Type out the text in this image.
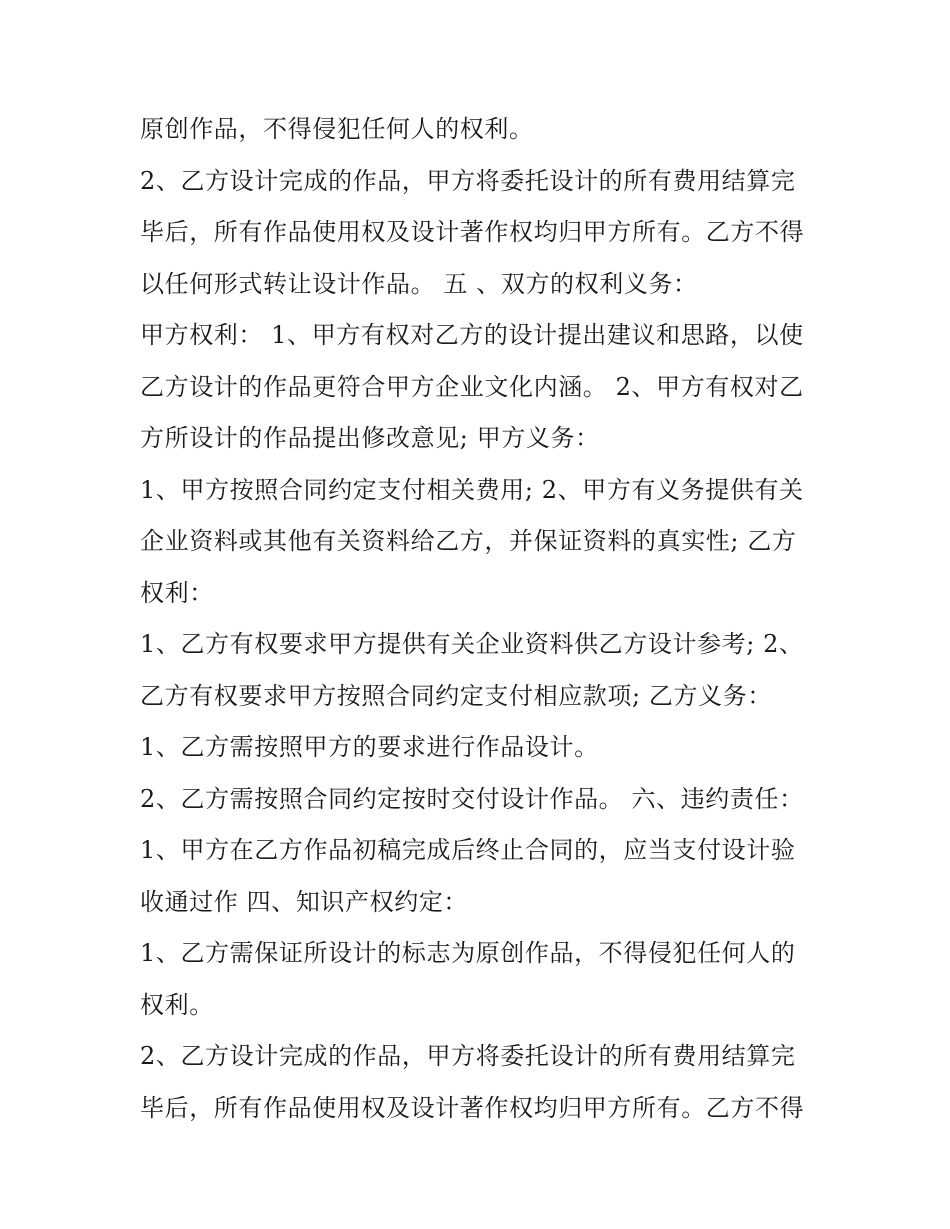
原创作品，不得侵犯任何人的权利。
2、乙方设计完成的作品，甲方将委托设计的所有费用结算完
毕后，所有作品使用权及设计著作权均归甲方所有。乙方不得
以任何形式转让设计作品。 五 、双方的权利义务：
甲方权利： 1、甲方有权对乙方的设计提出建议和思路，以使
乙方设计的作品更符合甲方企业文化内涵。 2、甲方有权对乙
方所设计的作品提出修改意见; 甲方义务：
1、甲方按照合同约定支付相关费用; 2、甲方有义务提供有关
企业资料或其他有关资料给乙方，并保证资料的真实性; 乙方
权利：
1、乙方有权要求甲方提供有关企业资料供乙方设计参考; 2、
乙方有权要求甲方按照合同约定支付相应款项; 乙方义务：
1、乙方需按照甲方的要求进行作品设计。
2、乙方需按照合同约定按时交付设计作品。 六、违约责任：
1、甲方在乙方作品初稿完成后终止合同的，应当支付设计验
收通过作 四、知识产权约定：
1、乙方需保证所设计的标志为原创作品，不得侵犯任何人的
权利。
2、乙方设计完成的作品，甲方将委托设计的所有费用结算完
毕后，所有作品使用权及设计著作权均归甲方所有。乙方不得
